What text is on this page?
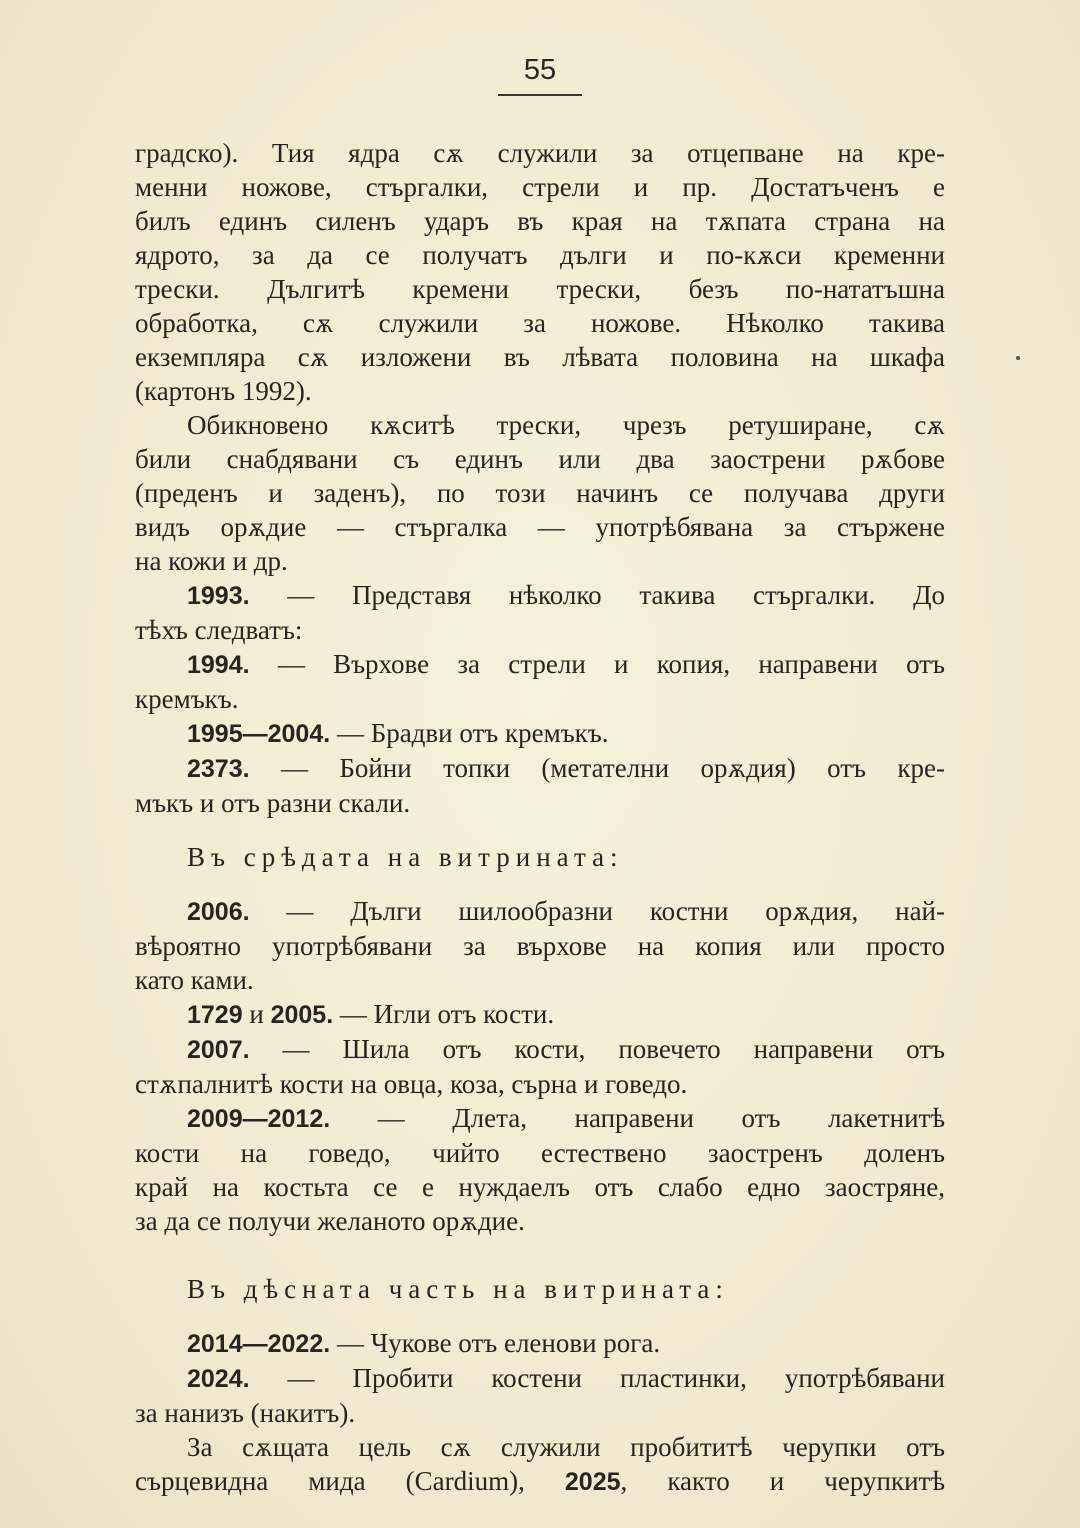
55

градско). Тия ядра сѫ служили за отцепване на кре-
менни ножове, стъргалки, стрели и пр. Достатъченъ е
билъ единъ силенъ ударъ въ края на тѫпата страна на
ядрото, за да се получатъ дълги и по-кѫси кременни
трески. Дългитѣ кремени трески, безъ по-нататъшна
обработка, сѫ служили за ножове. Нѣколко такива
екземпляра сѫ изложени въ лѣвата половина на шкафа
(картонъ 1992).

Обикновено кѫситѣ трески, чрезъ ретуширане, сѫ
били снабдявани съ единъ или два заострени рѫбове
(преденъ и заденъ), по този начинъ се получава други
видъ орѫдие — стъргалка — употрѣбявана за стържене
на кожи и др.

1993. — Представя нѣколко такива стъргалки. До
тѣхъ следватъ:

1994. — Върхове за стрели и копия, направени отъ
кремъкъ.

1995—2004. — Брадви отъ кремъкъ.

2373. — Бойни топки (метателни орѫдия) отъ кре-
мъкъ и отъ разни скали.

Въ срѣдата на витрината:

2006. — Дълги шилообразни костни орѫдия, най-
вѣроятно употрѣбявани за върхове на копия или просто
като ками.

1729 и 2005. — Игли отъ кости.

2007. — Шила отъ кости, повечето направени отъ
стѫпалнитѣ кости на овца, коза, сърна и говедо.

2009—2012. — Длета, направени отъ лакетнитѣ
кости на говедо, чийто естествено заостренъ доленъ
край на костьта се е нуждаелъ отъ слабо едно заостряне,
за да се получи желаното орѫдие.

Въ дѣсната часть на витрината:

2014—2022. — Чукове отъ еленови рога.

2024. — Пробити костени пластинки, употрѣбявани
за нанизъ (накитъ).

За сѫщата цель сѫ служили пробититѣ черупки отъ
сърцевидна мида (Cardium), 2025, както и черупкитѣ
